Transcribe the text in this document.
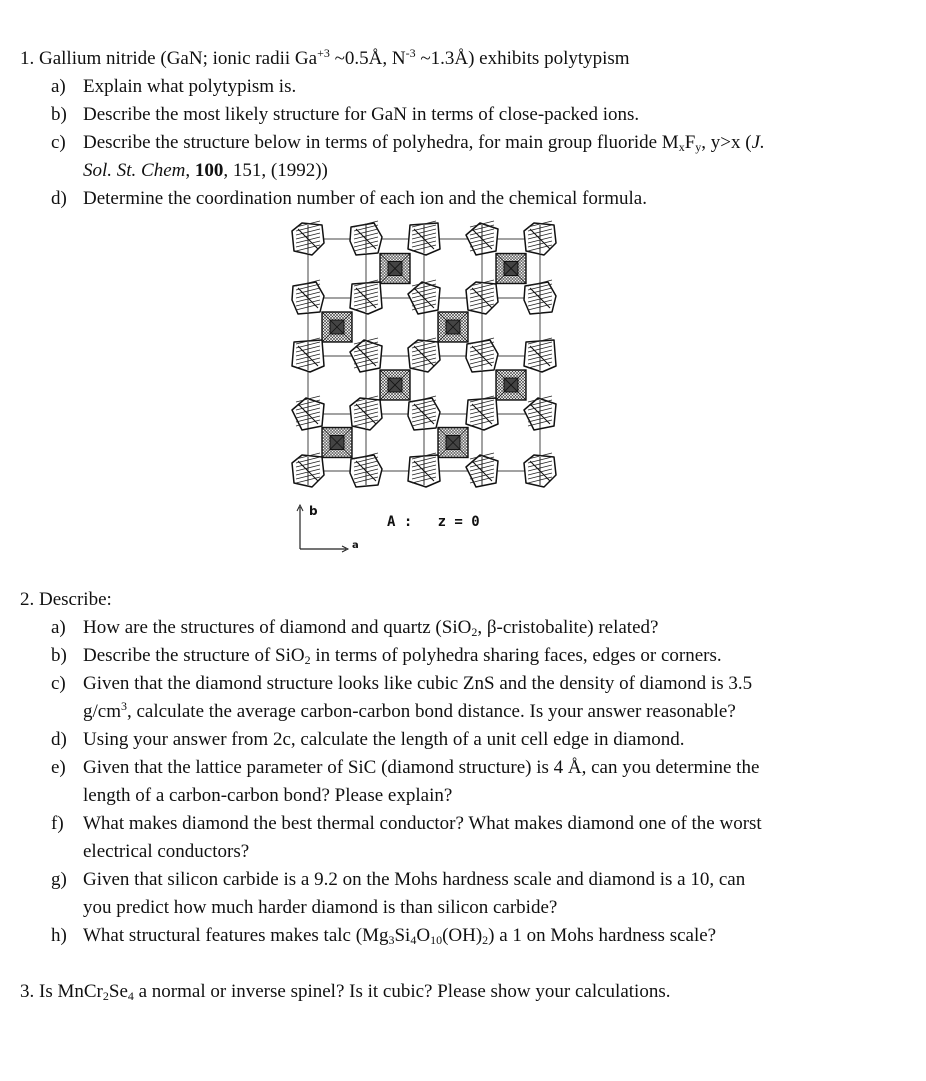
1. Gallium nitride (GaN; ionic radii $Ga^{+3}$ ~0.5Å, $N^{-3}$ ~1.3Å) exhibits polytypism
a) Explain what polytypism is.
b) Describe the most likely structure for GaN in terms of close-packed ions.
c) Describe the structure below in terms of polyhedra, for main group fluoride $M_xF_y$, y>x (J.
Sol. St. Chem, 100, 151, (1992))
d) Determine the coordination number of each ion and the chemical formula.
b
a
A :   z = 0
2. Describe:
a) How are the structures of diamond and quartz (SiO$_2$, β-cristobalite) related?
b) Describe the structure of SiO$_2$ in terms of polyhedra sharing faces, edges or corners.
c) Given that the diamond structure looks like cubic ZnS and the density of diamond is 3.5
$g/cm^3$, calculate the average carbon-carbon bond distance. Is your answer reasonable?
d) Using your answer from 2c, calculate the length of a unit cell edge in diamond.
e) Given that the lattice parameter of SiC (diamond structure) is 4 Å, can you determine the
length of a carbon-carbon bond? Please explain?
f) What makes diamond the best thermal conductor? What makes diamond one of the worst
electrical conductors?
g) Given that silicon carbide is a 9.2 on the Mohs hardness scale and diamond is a 10, can
you predict how much harder diamond is than silicon carbide?
h) What structural features makes talc $(Mg_3Si_4O_{10}(OH)_2)$ a 1 on Mohs hardness scale?
3. Is $MnCr_2Se_4$ a normal or inverse spinel? Is it cubic? Please show your calculations.
